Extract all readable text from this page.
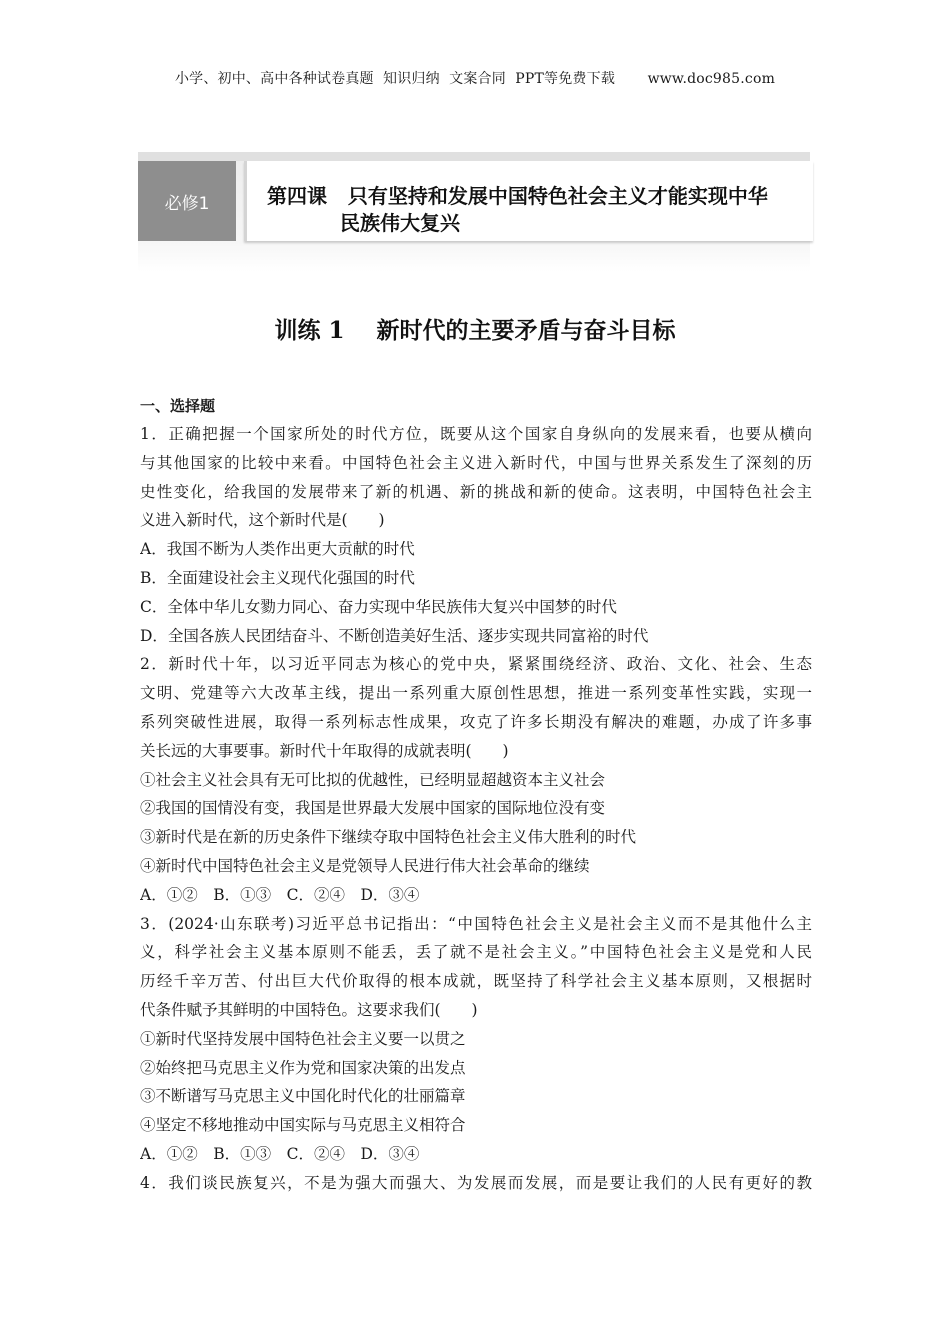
小学、初中、高中各种试卷真题  知识归纳  文案合同  PPT等免费下载       www.doc985.com
必修1	第四课   只有坚持和发展中国特色社会主义才能实现中华
民族伟大复兴
训练 1    新时代的主要矛盾与奋斗目标
一、选择题
1．正确把握一个国家所处的时代方位，既要从这个国家自身纵向的发展来看，也要从横向
与其他国家的比较中来看。中国特色社会主义进入新时代，中国与世界关系发生了深刻的历
史性变化，给我国的发展带来了新的机遇、新的挑战和新的使命。这表明，中国特色社会主
义进入新时代，这个新时代是(　　)
A．我国不断为人类作出更大贡献的时代
B．全面建设社会主义现代化强国的时代
C．全体中华儿女勠力同心、奋力实现中华民族伟大复兴中国梦的时代
D．全国各族人民团结奋斗、不断创造美好生活、逐步实现共同富裕的时代
2．新时代十年，以习近平同志为核心的党中央，紧紧围绕经济、政治、文化、社会、生态
文明、党建等六大改革主线，提出一系列重大原创性思想，推进一系列变革性实践，实现一
系列突破性进展，取得一系列标志性成果，攻克了许多长期没有解决的难题，办成了许多事
关长远的大事要事。新时代十年取得的成就表明(　　)
①社会主义社会具有无可比拟的优越性，已经明显超越资本主义社会
②我国的国情没有变，我国是世界最大发展中国家的国际地位没有变
③新时代是在新的历史条件下继续夺取中国特色社会主义伟大胜利的时代
④新时代中国特色社会主义是党领导人民进行伟大社会革命的继续
A．①②　B．①③　C．②④　D．③④
3．(2024·山东联考)习近平总书记指出：“中国特色社会主义是社会主义而不是其他什么主
义，科学社会主义基本原则不能丢，丢了就不是社会主义。”中国特色社会主义是党和人民
历经千辛万苦、付出巨大代价取得的根本成就，既坚持了科学社会主义基本原则，又根据时
代条件赋予其鲜明的中国特色。这要求我们(　　)
①新时代坚持发展中国特色社会主义要一以贯之
②始终把马克思主义作为党和国家决策的出发点
③不断谱写马克思主义中国化时代化的壮丽篇章
④坚定不移地推动中国实际与马克思主义相符合
A．①②　B．①③　C．②④　D．③④
4．我们谈民族复兴，不是为强大而强大、为发展而发展，而是要让我们的人民有更好的教
